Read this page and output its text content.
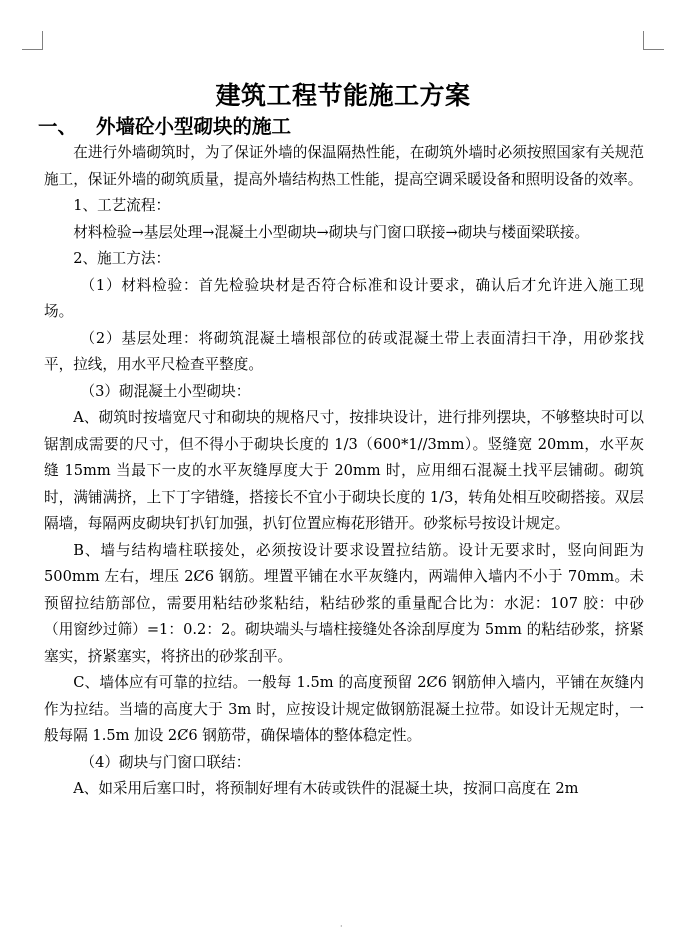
建筑工程节能施工方案
一、 外墙砼小型砌块的施工

在进行外墙砌筑时，为了保证外墙的保温隔热性能，在砌筑外墙时必须按照国家有关规范施工，保证外墙的砌筑质量，提高外墙结构热工性能，提高空调采暖设备和照明设备的效率。

1、工艺流程：

材料检验→基层处理→混凝土小型砌块→砌块与门窗口联接→砌块与楼面梁联接。

2、施工方法：

（1）材料检验：首先检验块材是否符合标准和设计要求，确认后才允许进入施工现场。

（2）基层处理：将砌筑混凝土墙根部位的砖或混凝土带上表面清扫干净，用砂浆找平，拉线，用水平尺检查平整度。

（3）砌混凝土小型砌块：

A、砌筑时按墙宽尺寸和砌块的规格尺寸，按排块设计，进行排列摆块，不够整块时可以锯割成需要的尺寸，但不得小于砌块长度的 1/3（600*1//3mm）。竖缝宽 20mm，水平灰缝 15mm 当最下一皮的水平灰缝厚度大于 20mm 时，应用细石混凝土找平层铺砌。砌筑时，满铺满挤，上下丁字错缝，搭接长不宜小于砌块长度的 1/3，转角处相互咬砌搭接。双层隔墙，每隔两皮砌块钉扒钉加强，扒钉位置应梅花形错开。砂浆标号按设计规定。

B、墙与结构墙柱联接处，必须按设计要求设置拉结筋。设计无要求时，竖向间距为 500mm 左右，埋压 2Ȼ6 钢筋。埋置平铺在水平灰缝内，两端伸入墙内不小于 70mm。未预留拉结筋部位，需要用粘结砂浆粘结，粘结砂浆的重量配合比为：水泥：107 胶：中砂（用窗纱过筛）=1：0.2：2。砌块端头与墙柱接缝处各涂刮厚度为 5mm 的粘结砂浆，挤紧塞实，挤紧塞实，将挤出的砂浆刮平。

C、墙体应有可靠的拉结。一般每 1.5m 的高度预留 2Ȼ6 钢筋伸入墙内，平铺在灰缝内作为拉结。当墙的高度大于 3m 时，应按设计规定做钢筋混凝土拉带。如设计无规定时，一般每隔 1.5m 加设 2Ȼ6 钢筋带，确保墙体的整体稳定性。

（4）砌块与门窗口联结：

A、如采用后塞口时，将预制好埋有木砖或铁件的混凝土块，按洞口高度在 2m

·
